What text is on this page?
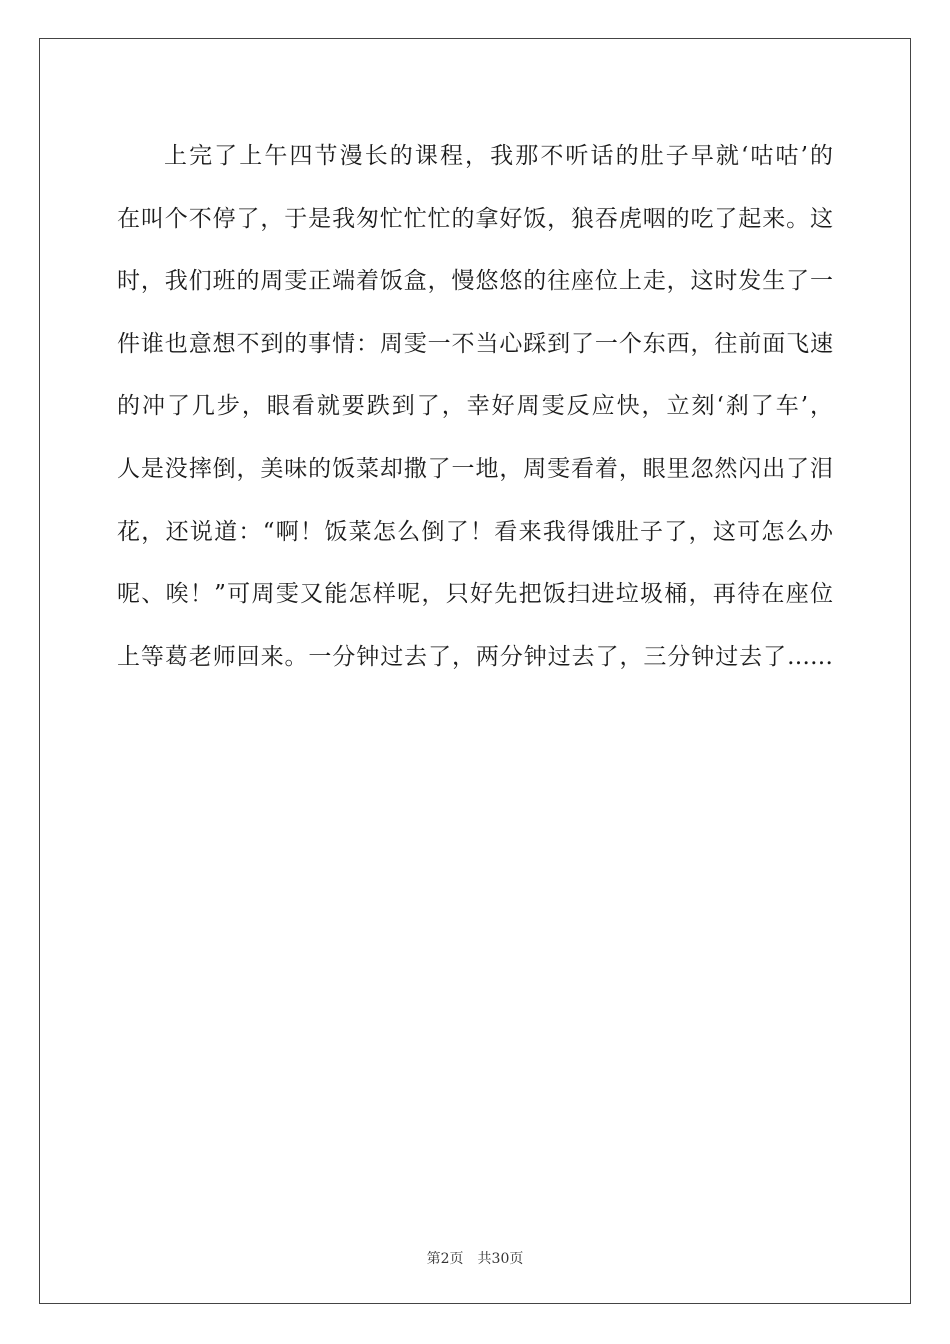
上完了上午四节漫长的课程，我那不听话的肚子早就‘咕咕’的
在叫个不停了，于是我匆忙忙忙的拿好饭，狼吞虎咽的吃了起来。这
时，我们班的周雯正端着饭盒，慢悠悠的往座位上走，这时发生了一
件谁也意想不到的事情：周雯一不当心踩到了一个东西，往前面飞速
的冲了几步，眼看就要跌到了，幸好周雯反应快，立刻‘刹了车’，
人是没摔倒，美味的饭菜却撒了一地，周雯看着，眼里忽然闪出了泪
花，还说道：“啊！饭菜怎么倒了！看来我得饿肚子了，这可怎么办
呢、唉！”可周雯又能怎样呢，只好先把饭扫进垃圾桶，再待在座位
上等葛老师回来。一分钟过去了，两分钟过去了，三分钟过去了……
第2页 共30页
